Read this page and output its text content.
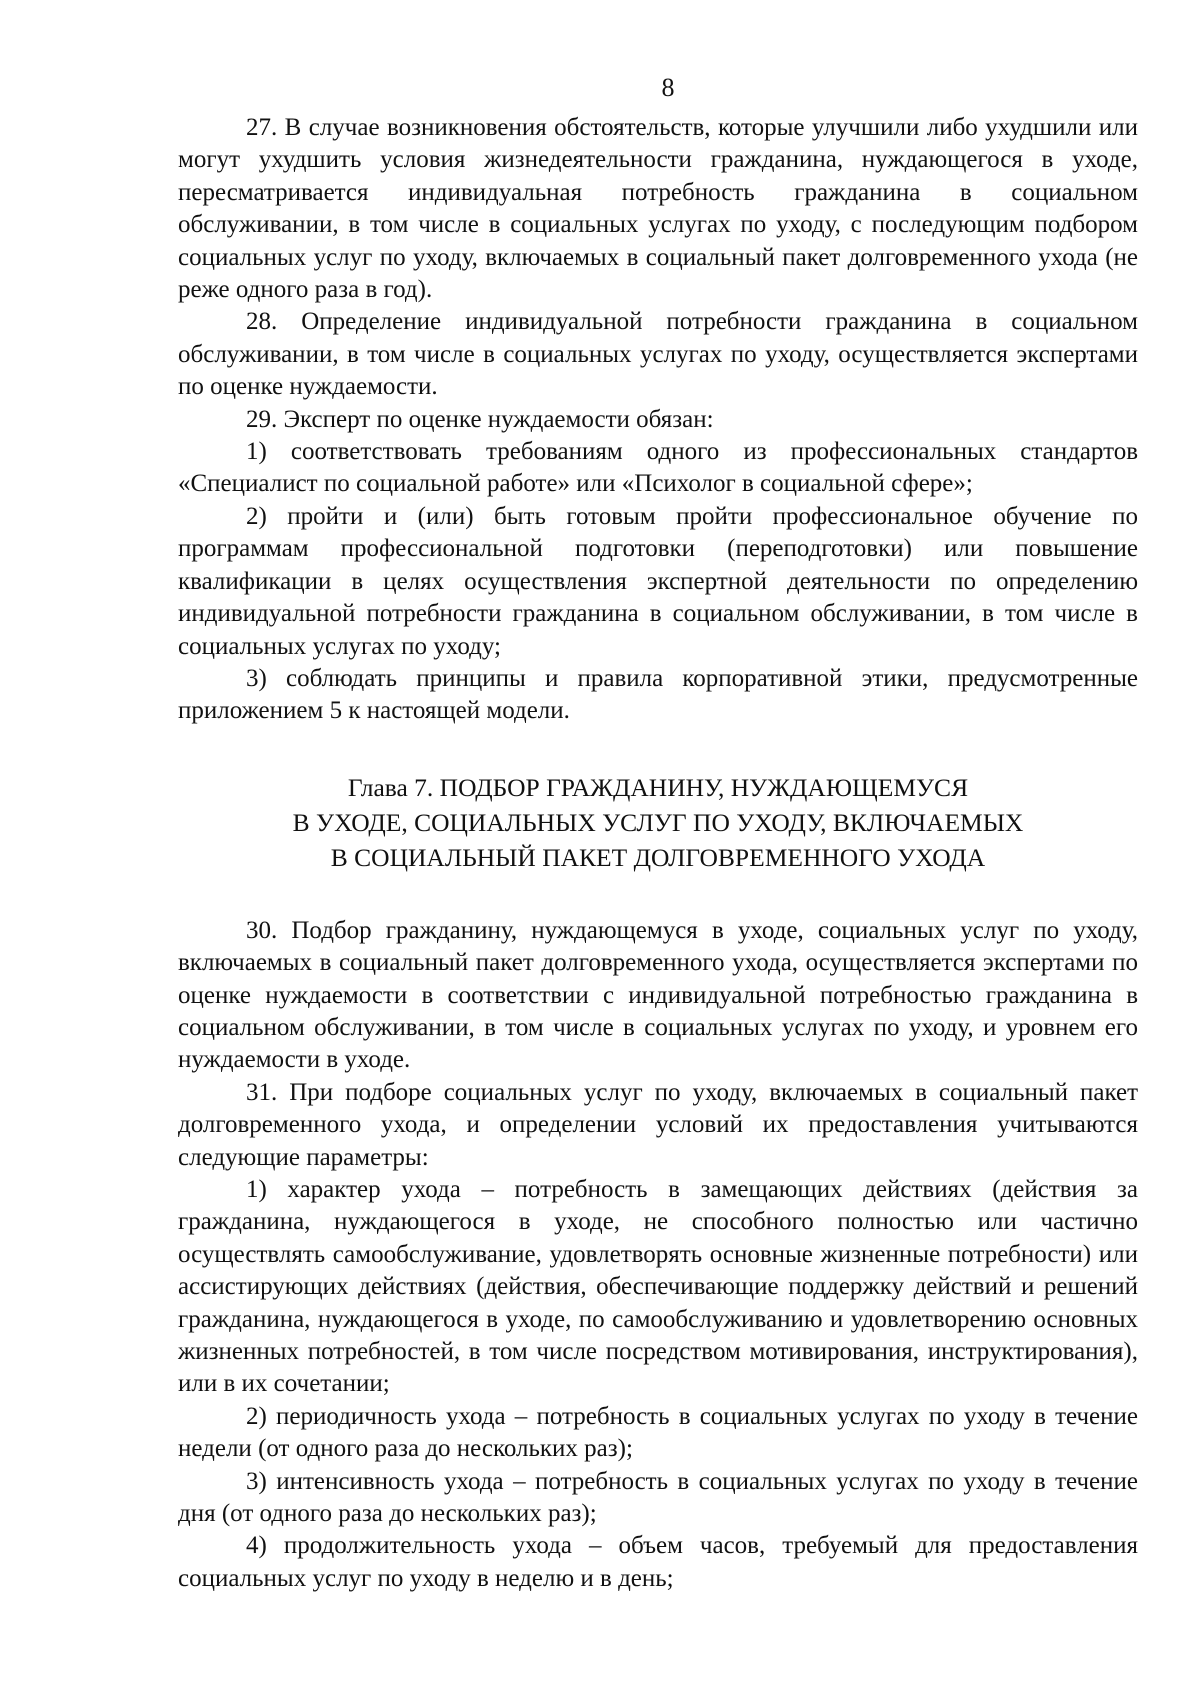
8

27. В случае возникновения обстоятельств, которые улучшили либо ухудшили или могут ухудшить условия жизнедеятельности гражданина, нуждающегося в уходе, пересматривается индивидуальная потребность гражданина в социальном обслуживании, в том числе в социальных услугах по уходу, с последующим подбором социальных услуг по уходу, включаемых в социальный пакет долговременного ухода (не реже одного раза в год).

28. Определение индивидуальной потребности гражданина в социальном обслуживании, в том числе в социальных услугах по уходу, осуществляется экспертами по оценке нуждаемости.

29. Эксперт по оценке нуждаемости обязан:

1) соответствовать требованиям одного из профессиональных стандартов «Специалист по социальной работе» или «Психолог в социальной сфере»;

2) пройти и (или) быть готовым пройти профессиональное обучение по программам профессиональной подготовки (переподготовки) или повышение квалификации в целях осуществления экспертной деятельности по определению индивидуальной потребности гражданина в социальном обслуживании, в том числе в социальных услугах по уходу;

3) соблюдать принципы и правила корпоративной этики, предусмотренные приложением 5 к настоящей модели.

Глава 7. ПОДБОР ГРАЖДАНИНУ, НУЖДАЮЩЕМУСЯ
В УХОДЕ, СОЦИАЛЬНЫХ УСЛУГ ПО УХОДУ, ВКЛЮЧАЕМЫХ
В СОЦИАЛЬНЫЙ ПАКЕТ ДОЛГОВРЕМЕННОГО УХОДА

30. Подбор гражданину, нуждающемуся в уходе, социальных услуг по уходу, включаемых в социальный пакет долговременного ухода, осуществляется экспертами по оценке нуждаемости в соответствии с индивидуальной потребностью гражданина в социальном обслуживании, в том числе в социальных услугах по уходу, и уровнем его нуждаемости в уходе.

31. При подборе социальных услуг по уходу, включаемых в социальный пакет долговременного ухода, и определении условий их предоставления учитываются следующие параметры:

1) характер ухода – потребность в замещающих действиях (действия за гражданина, нуждающегося в уходе, не способного полностью или частично осуществлять самообслуживание, удовлетворять основные жизненные потребности) или ассистирующих действиях (действия, обеспечивающие поддержку действий и решений гражданина, нуждающегося в уходе, по самообслуживанию и удовлетворению основных жизненных потребностей, в том числе посредством мотивирования, инструктирования), или в их сочетании;

2) периодичность ухода – потребность в социальных услугах по уходу в течение недели (от одного раза до нескольких раз);

3) интенсивность ухода – потребность в социальных услугах по уходу в течение дня (от одного раза до нескольких раз);

4) продолжительность ухода – объем часов, требуемый для предоставления социальных услуг по уходу в неделю и в день;
